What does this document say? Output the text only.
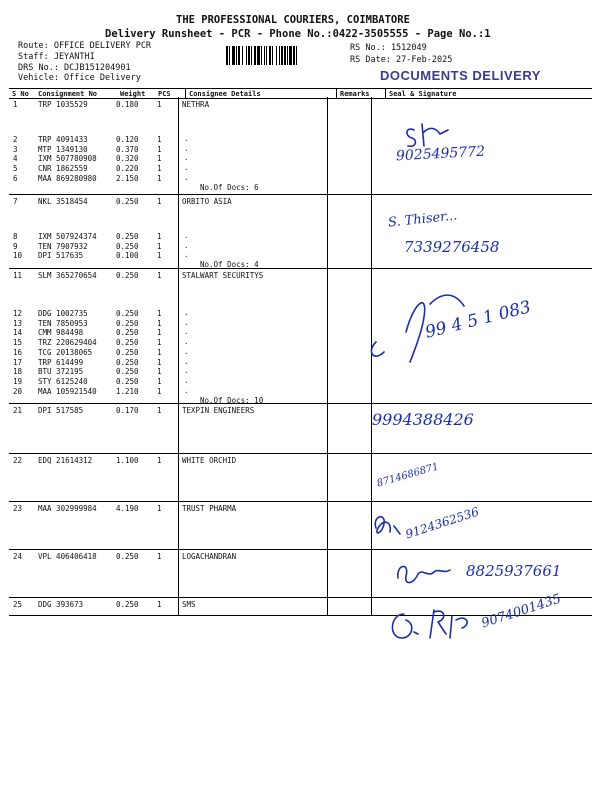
THE PROFESSIONAL COURIERS, COIMBATORE
Delivery Runsheet - PCR - Phone No.:0422-3505555 - Page No.:1
Route: OFFICE DELIVERY PCR
Staff: JEYANTHI
DRS No.: DCJB151204901
Vehicle: Office Delivery
RS No.: 1512049
RS Date: 27-Feb-2025
DOCUMENTS DELIVERY
S No	Consignment No	Weight	PCS	Consignee Details	Remarks	Seal & Signature
1	TRP 1035529	0.180 1	NETHRA
2	TRP 4091433	0.120 1	.
3	MTP 1349130	0.370 1	.
4	IXM 507780908	0.320 1	.
5	CNR 1862559	0.220 1	.
6	MAA 869280980	2.150 1	.
No.Of Docs: 6
7	NKL 3518454	0.250 1	ORBITO ASIA
8	IXM 507924374	0.250 1	.
9	TEN 7907932	0.250 1	.
10 DPI 517635	0.100 1	.
No.Of Docs: 4
11 SLM 365270654	0.250 1	STALWART SECURITYS
12 DDG 1002735	0.250 1	.
13 TEN 7850953	0.250 1	.
14 CMM 984498	0.250 1	.
15 TRZ 220629404	0.250 1	.
16 TCG 20138065	0.250 1	.
17 TRP 614499	0.250 1	.
18 BTU 372195	0.250 1	.
19 STY 6125240	0.250 1	.
20 MAA 105921540	1.210 1	.
No.Of Docs: 10
21 DPI 517585	0.170 1	TEXPIN ENGINEERS
22 EDQ 21614312	1.100 1	WHITE ORCHID
23 MAA 302999984	4.190 1	TRUST PHARMA
24 VPL 406406418	0.250 1	LOGACHANDRAN
25 DDG 393673	0.250 1	SMS
9025495772
S. Thiser...
7339276458
99 4 5 1 083
9994388426
8714686871
9124362536
8825937661
9074001435
